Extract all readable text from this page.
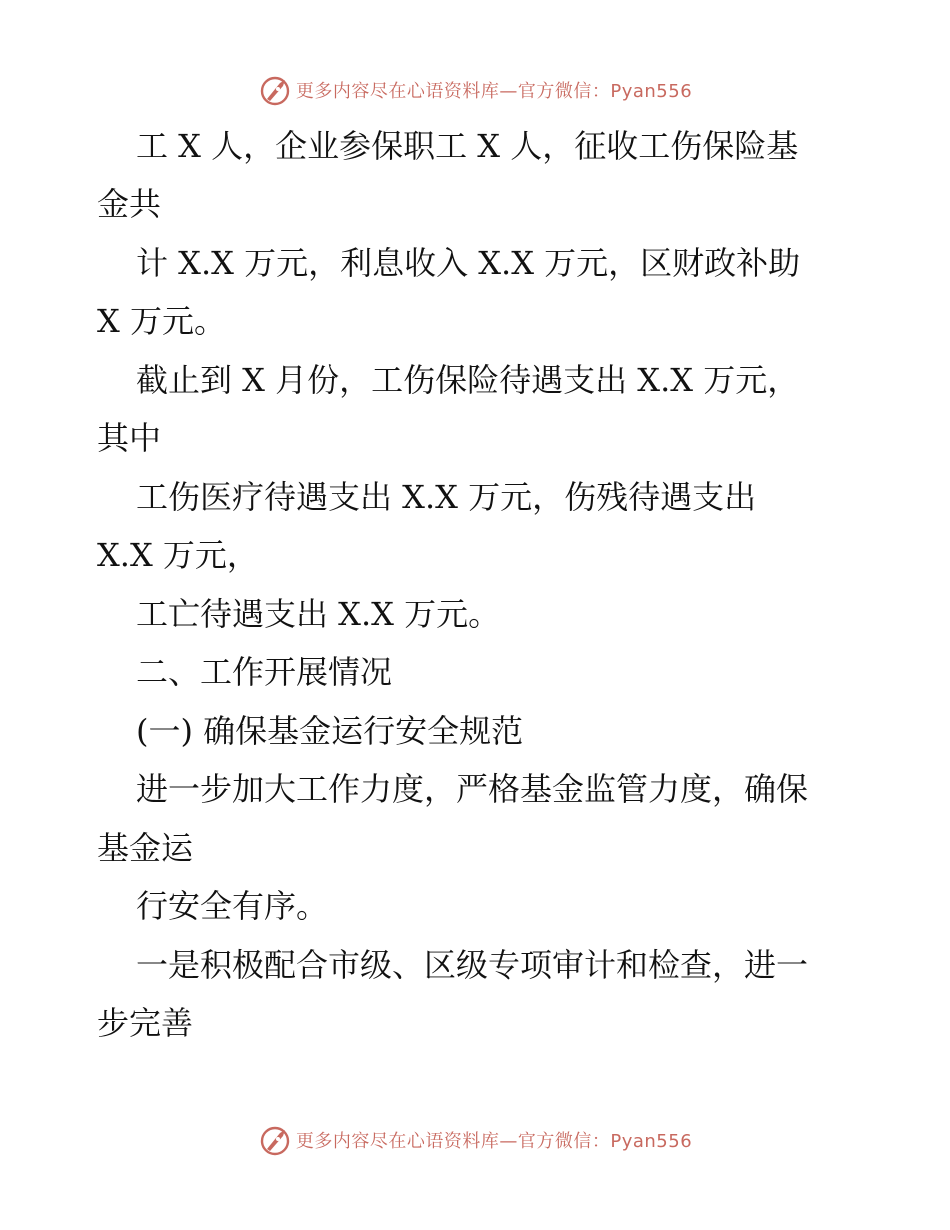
更多内容尽在心语资料库—官方微信：Pyan556
工 X 人，企业参保职工 X 人，征收工伤保险基
金共
计 X.X 万元，利息收入 X.X 万元，区财政补助
X 万元。
截止到 X 月份，工伤保险待遇支出 X.X 万元，
其中
工伤医疗待遇支出 X.X 万元，伤残待遇支出
X.X 万元，
工亡待遇支出 X.X 万元。
二、工作开展情况
(一) 确保基金运行安全规范
进一步加大工作力度，严格基金监管力度，确保
基金运
行安全有序。
一是积极配合市级、区级专项审计和检查，进一
步完善
更多内容尽在心语资料库—官方微信：Pyan556
